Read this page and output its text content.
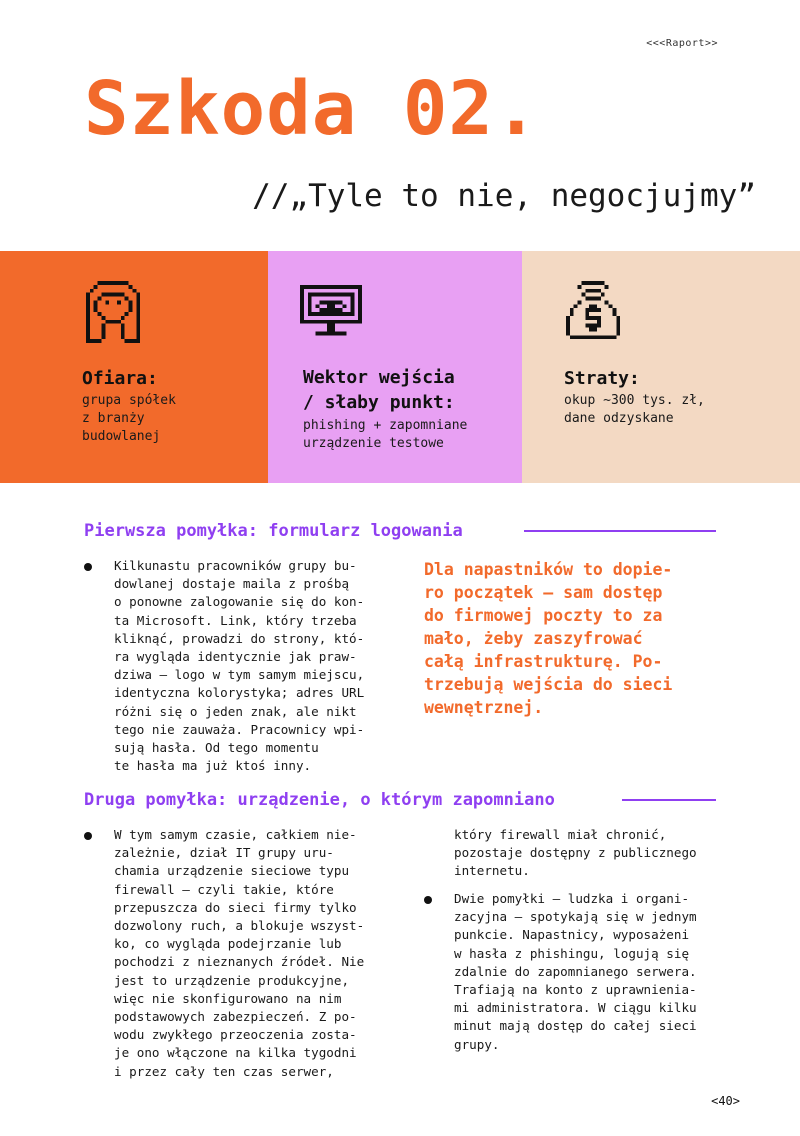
<<<Raport>>
Szkoda 02.
//„Tyle to nie, negocjujmy”
Ofiara:
grupa spółek
z branży
budowlanej
Wektor wejścia
/ słaby punkt:
phishing + zapomniane
urządzenie testowe
Straty:
okup ~300 tys. zł,
dane odzyskane
Pierwsza pomyłka: formularz logowania
Kilkunastu pracowników grupy bu-
dowlanej dostaje maila z prośbą
o ponowne zalogowanie się do kon-
ta Microsoft. Link, który trzeba
kliknąć, prowadzi do strony, któ-
ra wygląda identycznie jak praw-
dziwa — logo w tym samym miejscu,
identyczna kolorystyka; adres URL
różni się o jeden znak, ale nikt
tego nie zauważa. Pracownicy wpi-
sują hasła. Od tego momentu
te hasła ma już ktoś inny.
Dla napastników to dopie-
ro początek — sam dostęp
do firmowej poczty to za
mało, żeby zaszyfrować
całą infrastrukturę. Po-
trzebują wejścia do sieci
wewnętrznej.
Druga pomyłka: urządzenie, o którym zapomniano
W tym samym czasie, całkiem nie-
zależnie, dział IT grupy uru-
chamia urządzenie sieciowe typu
firewall — czyli takie, które
przepuszcza do sieci firmy tylko
dozwolony ruch, a blokuje wszyst-
ko, co wygląda podejrzanie lub
pochodzi z nieznanych źródeł. Nie
jest to urządzenie produkcyjne,
więc nie skonfigurowano na nim
podstawowych zabezpieczeń. Z po-
wodu zwykłego przeoczenia zosta-
je ono włączone na kilka tygodni
i przez cały ten czas serwer,
który firewall miał chronić,
pozostaje dostępny z publicznego
internetu.
Dwie pomyłki — ludzka i organi-
zacyjna — spotykają się w jednym
punkcie. Napastnicy, wyposażeni
w hasła z phishingu, logują się
zdalnie do zapomnianego serwera.
Trafiają na konto z uprawnienia-
mi administratora. W ciągu kilku
minut mają dostęp do całej sieci
grupy.
<40>
